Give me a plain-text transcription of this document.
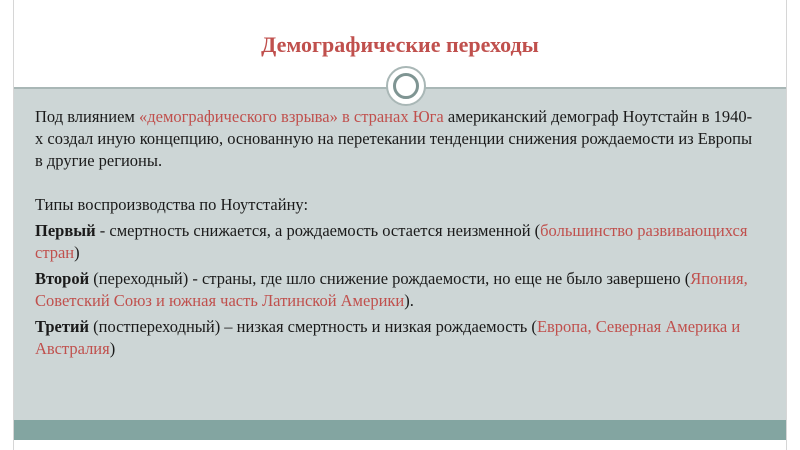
Демографические переходы

Под влиянием «демографического взрыва» в странах Юга американский демограф Ноутстайн в 1940-х создал иную концепцию, основанную на перетекании тенденции снижения рождаемости из Европы в другие регионы.

Типы воспроизводства по Ноутстайну:

Первый - смертность снижается, а рождаемость остается неизменной (большинство развивающихся стран)

Второй (переходный) - страны, где шло снижение рождаемости, но еще не было завершено (Япония, Советский Союз и южная часть Латинской Америки).

Третий (постпереходный) – низкая смертность и низкая рождаемость (Европа, Северная Америка и Австралия)
